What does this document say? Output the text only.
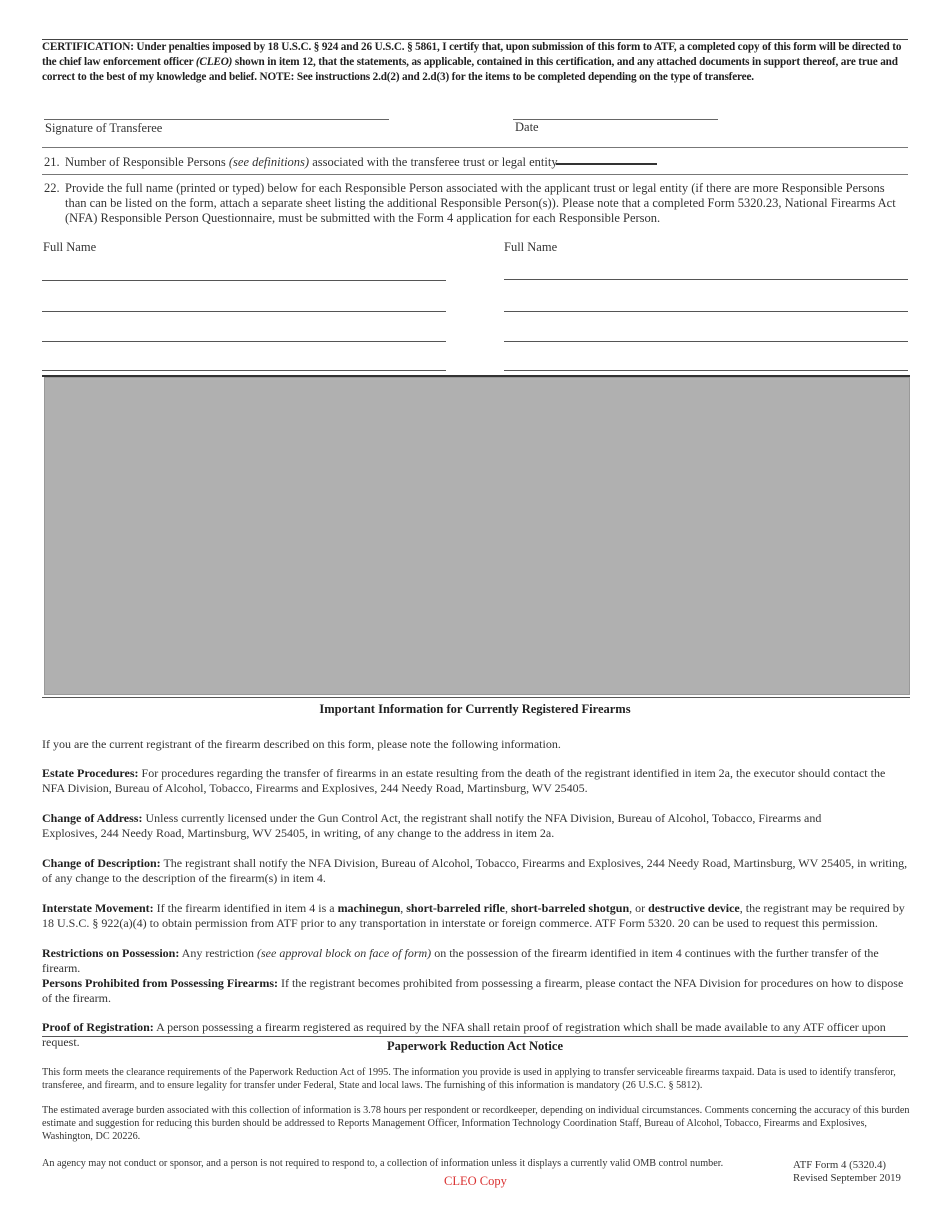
CERTIFICATION: Under penalties imposed by 18 U.S.C. § 924 and 26 U.S.C. § 5861, I certify that, upon submission of this form to ATF, a completed copy of this form will be directed to the chief law enforcement officer (CLEO) shown in item 12, that the statements, as applicable, contained in this certification, and any attached documents in support thereof, are true and correct to the best of my knowledge and belief. NOTE: See instructions 2.d(2) and 2.d(3) for the items to be completed depending on the type of transferee.
Signature of Transferee	Date
21. Number of Responsible Persons (see definitions) associated with the transferee trust or legal entity
22. Provide the full name (printed or typed) below for each Responsible Person associated with the applicant trust or legal entity (if there are more Responsible Persons than can be listed on the form, attach a separate sheet listing the additional Responsible Person(s)). Please note that a completed Form 5320.23, National Firearms Act (NFA) Responsible Person Questionnaire, must be submitted with the Form 4 application for each Responsible Person.
Full Name	Full Name
Important Information for Currently Registered Firearms
If you are the current registrant of the firearm described on this form, please note the following information.
Estate Procedures: For procedures regarding the transfer of firearms in an estate resulting from the death of the registrant identified in item 2a, the executor should contact the NFA Division, Bureau of Alcohol, Tobacco, Firearms and Explosives, 244 Needy Road, Martinsburg, WV 25405.
Change of Address: Unless currently licensed under the Gun Control Act, the registrant shall notify the NFA Division, Bureau of Alcohol, Tobacco, Firearms and
Explosives, 244 Needy Road, Martinsburg, WV 25405, in writing, of any change to the address in item 2a.
Change of Description: The registrant shall notify the NFA Division, Bureau of Alcohol, Tobacco, Firearms and Explosives, 244 Needy Road, Martinsburg, WV 25405, in writing, of any change to the description of the firearm(s) in item 4.
Interstate Movement: If the firearm identified in item 4 is a machinegun, short-barreled rifle, short-barreled shotgun, or destructive device, the registrant may be required by 18 U.S.C. § 922(a)(4) to obtain permission from ATF prior to any transportation in interstate or foreign commerce. ATF Form 5320. 20 can be used to request this permission.
Restrictions on Possession: Any restriction (see approval block on face of form) on the possession of the firearm identified in item 4 continues with the further transfer of the firearm.
Persons Prohibited from Possessing Firearms: If the registrant becomes prohibited from possessing a firearm, please contact the NFA Division for procedures on how to dispose of the firearm.
Proof of Registration: A person possessing a firearm registered as required by the NFA shall retain proof of registration which shall be made available to any ATF officer upon request.	Paperwork Reduction Act Notice
This form meets the clearance requirements of the Paperwork Reduction Act of 1995. The information you provide is used in applying to transfer serviceable firearms taxpaid. Data is used to identify transferor, transferee, and firearm, and to ensure legality for transfer under Federal, State and local laws. The furnishing of this information is mandatory (26 U.S.C. § 5812).
The estimated average burden associated with this collection of information is 3.78 hours per respondent or recordkeeper, depending on individual circumstances. Comments concerning the accuracy of this burden estimate and suggestion for reducing this burden should be addressed to Reports Management Officer, Information Technology Coordination Staff, Bureau of Alcohol, Tobacco, Firearms and Explosives, Washington, DC 20226.
An agency may not conduct or sponsor, and a person is not required to respond to, a collection of information unless it displays a currently valid OMB control number.
CLEO Copy
ATF Form 4 (5320.4)
Revised September 2019
